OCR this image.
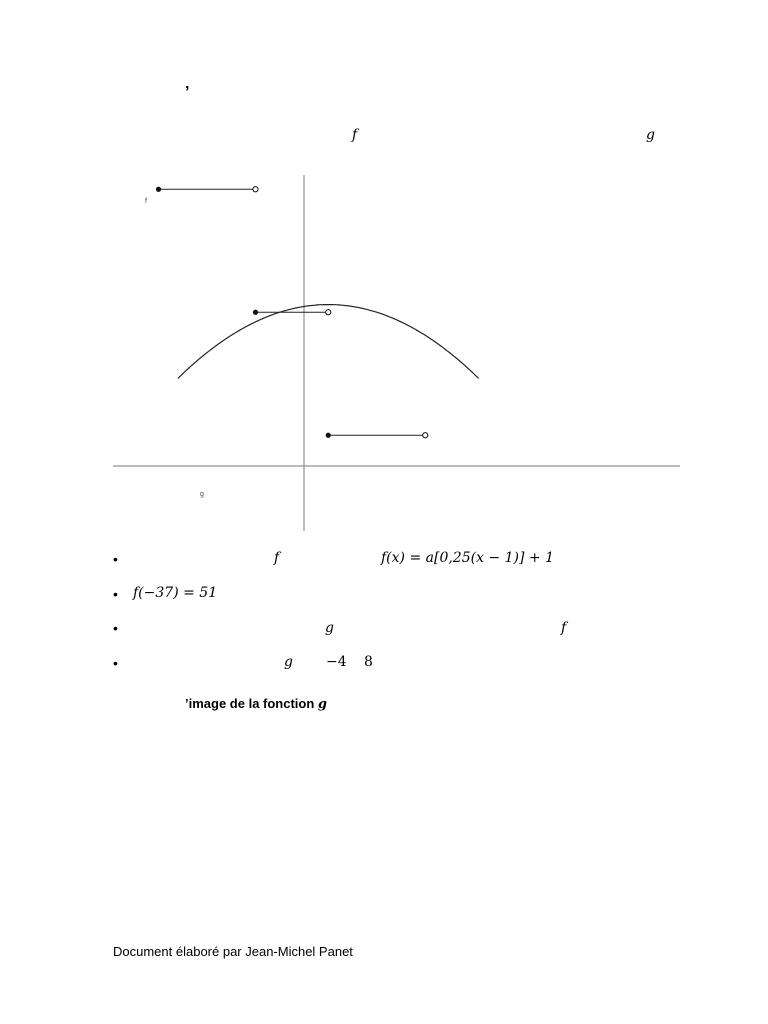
’
f	g
f
g
•	f	f(x) = a[0,25(x − 1)] + 1
• f(−37) = 51
•	g	f
•	g −4 8
’image de la fonction g
Document élaboré par Jean-Michel Panet
